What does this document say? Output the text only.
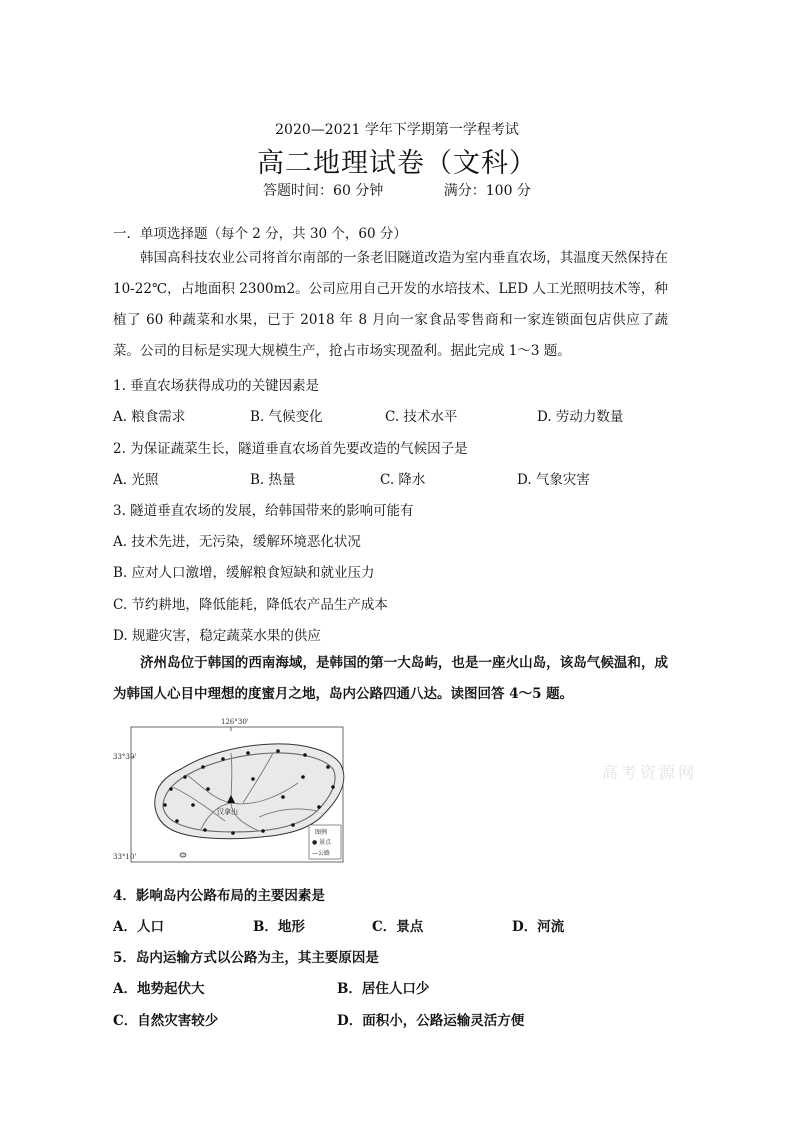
2020—2021 学年下学期第一学程考试
高二地理试卷（文科）
答题时间：60 分钟	满分：100 分
一．单项选择题（每个 2 分，共 30 个，60 分）
韩国高科技农业公司将首尔南部的一条老旧隧道改造为室内垂直农场，其温度天然保持在 10-22℃，占地面积 2300m2。公司应用自己开发的水培技术、LED 人工光照明技术等，种植了 60 种蔬菜和水果，已于 2018 年 8 月向一家食品零售商和一家连锁面包店供应了蔬菜。公司的目标是实现大规模生产，抢占市场实现盈利。据此完成 1～3 题。
1. 垂直农场获得成功的关键因素是
A. 粮食需求	B. 气候变化	C. 技术水平	D. 劳动力数量
2. 为保证蔬菜生长，隧道垂直农场首先要改造的气候因子是
A. 光照	B. 热量	C. 降水	D. 气象灾害
3. 隧道垂直农场的发展，给韩国带来的影响可能有
A. 技术先进，无污染，缓解环境恶化状况
B. 应对人口激增，缓解粮食短缺和就业压力
C. 节约耕地，降低能耗，降低农产品生产成本
D. 规避灾害，稳定蔬菜水果的供应
济州岛位于韩国的西南海域，是韩国的第一大岛屿，也是一座火山岛，该岛气候温和，成为韩国人心目中理想的度蜜月之地，岛内公路四通八达。读图回答 4～5 题。
126°30'
33°30'
33°10'
汉拿山
图例
● 景点
—公路
高考资源网
4．影响岛内公路布局的主要因素是
A．人口	B．地形	C．景点	D．河流
5．岛内运输方式以公路为主，其主要原因是
A．地势起伏大	B．居住人口少
C．自然灾害较少	D．面积小，公路运输灵活方便
